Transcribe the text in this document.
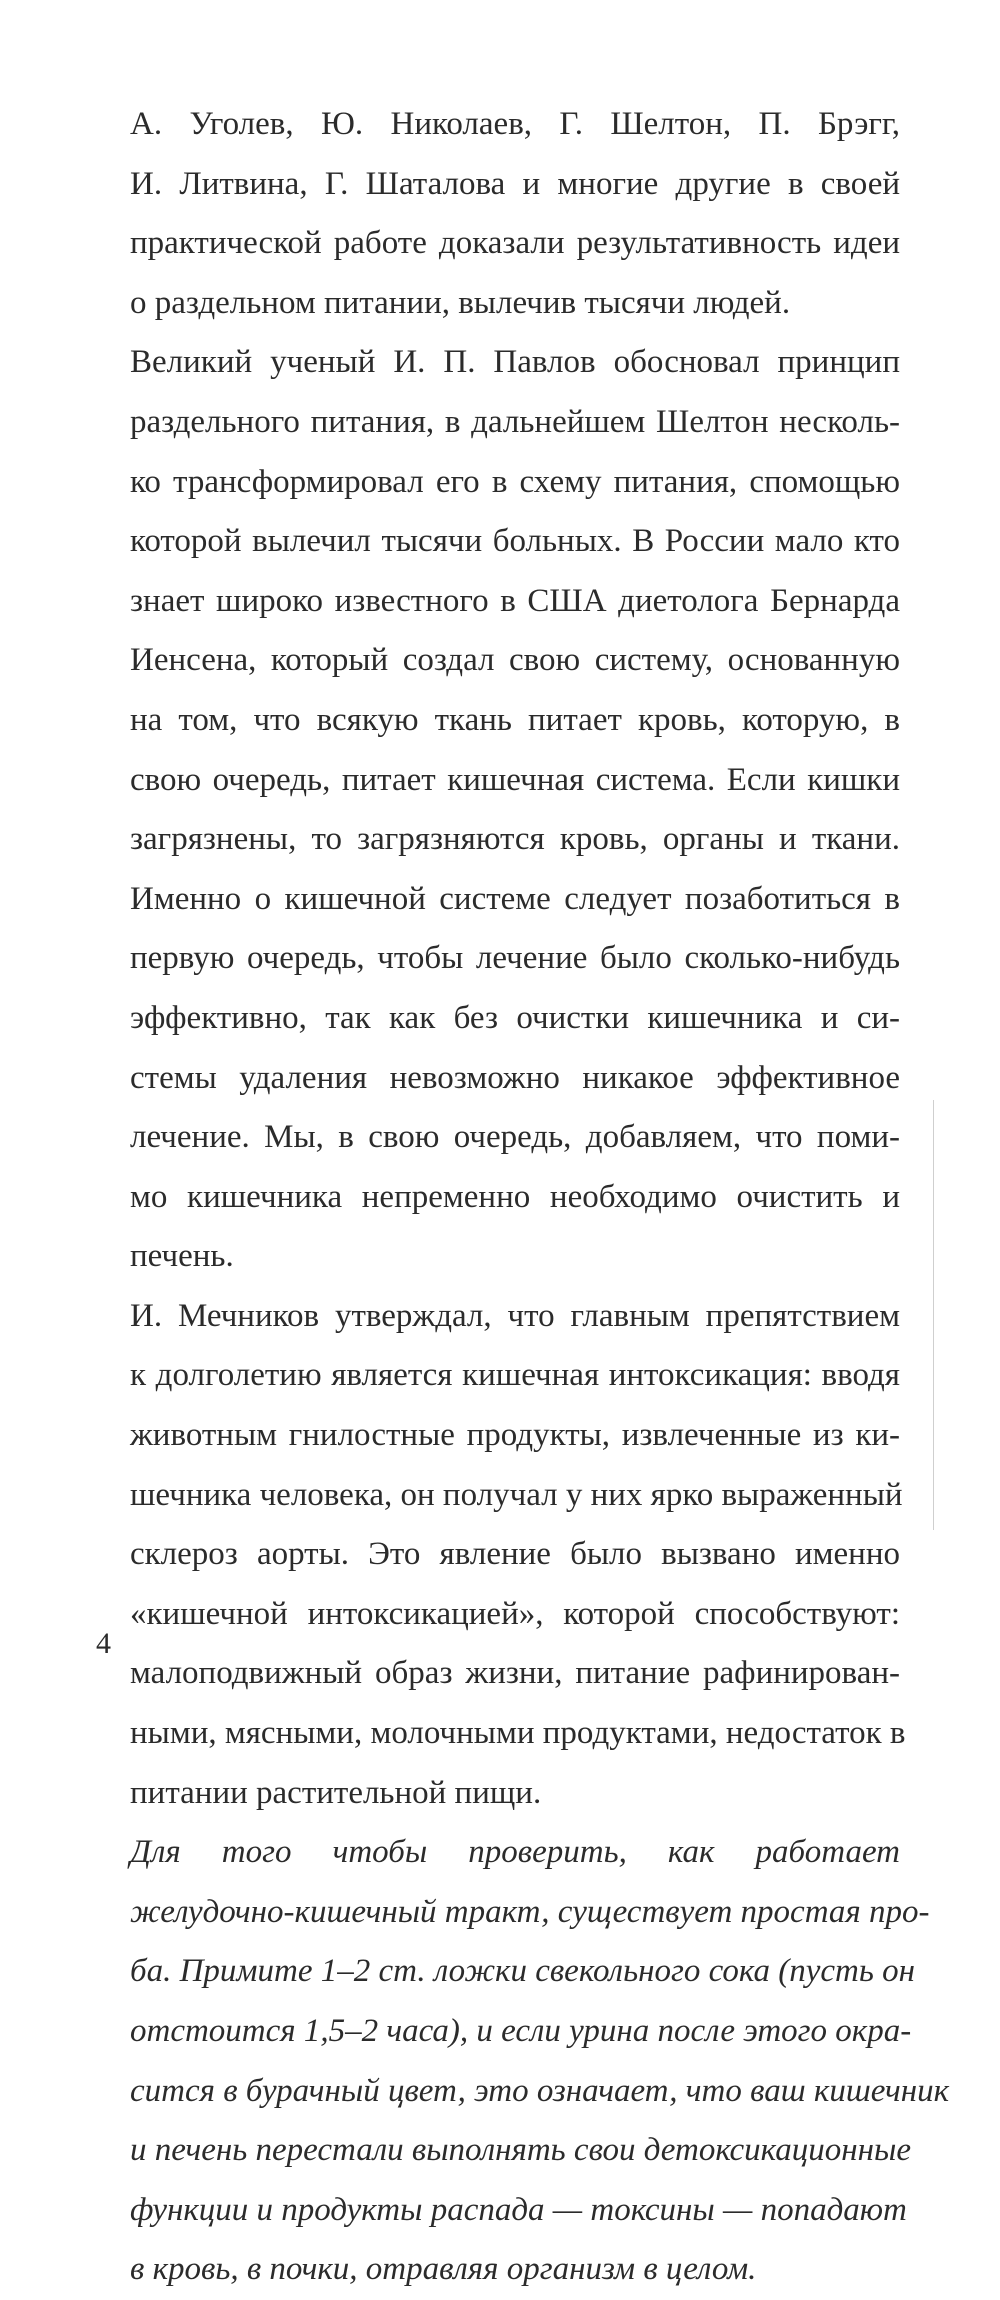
А. Уголев, Ю. Николаев, Г. Шелтон, П. Брэгг,
И. Литвина, Г. Шаталова и многие другие в своей
практической работе доказали результативность идеи
о раздельном питании, вылечив тысячи людей.

Великий ученый И. П. Павлов обосновал принцип
раздельного питания, в дальнейшем Шелтон несколь-
ко трансформировал его в схему питания, спомощью
которой вылечил тысячи больных. В России мало кто
знает широко известного в США диетолога Бернарда
Иенсена, который создал свою систему, основанную
на том, что всякую ткань питает кровь, которую, в
свою очередь, питает кишечная система. Если кишки
загрязнены, то загрязняются кровь, органы и ткани.
Именно о кишечной системе следует позаботиться в
первую очередь, чтобы лечение было сколько-нибудь
эффективно, так как без очистки кишечника и си-
стемы удаления невозможно никакое эффективное
лечение. Мы, в свою очередь, добавляем, что поми-
мо кишечника непременно необходимо очистить и
печень.

И. Мечников утверждал, что главным препятствием
к долголетию является кишечная интоксикация: вводя
животным гнилостные продукты, извлеченные из ки-
шечника человека, он получал у них ярко выраженный
склероз аорты. Это явление было вызвано именно
«кишечной интоксикацией», которой способствуют:
малоподвижный образ жизни, питание рафинирован-
ными, мясными, молочными продуктами, недостаток в
питании растительной пищи.

Для того чтобы проверить, как работает
желудочно-кишечный тракт, существует простая про-
ба. Примите 1–2 ст. ложки свекольного сока (пусть он
отстоится 1,5–2 часа), и если урина после этого окра-
сится в бурачный цвет, это означает, что ваш кишечник
и печень перестали выполнять свои детоксикационные
функции и продукты распада — токсины — попадают
в кровь, в почки, отравляя организм в целом.

4
